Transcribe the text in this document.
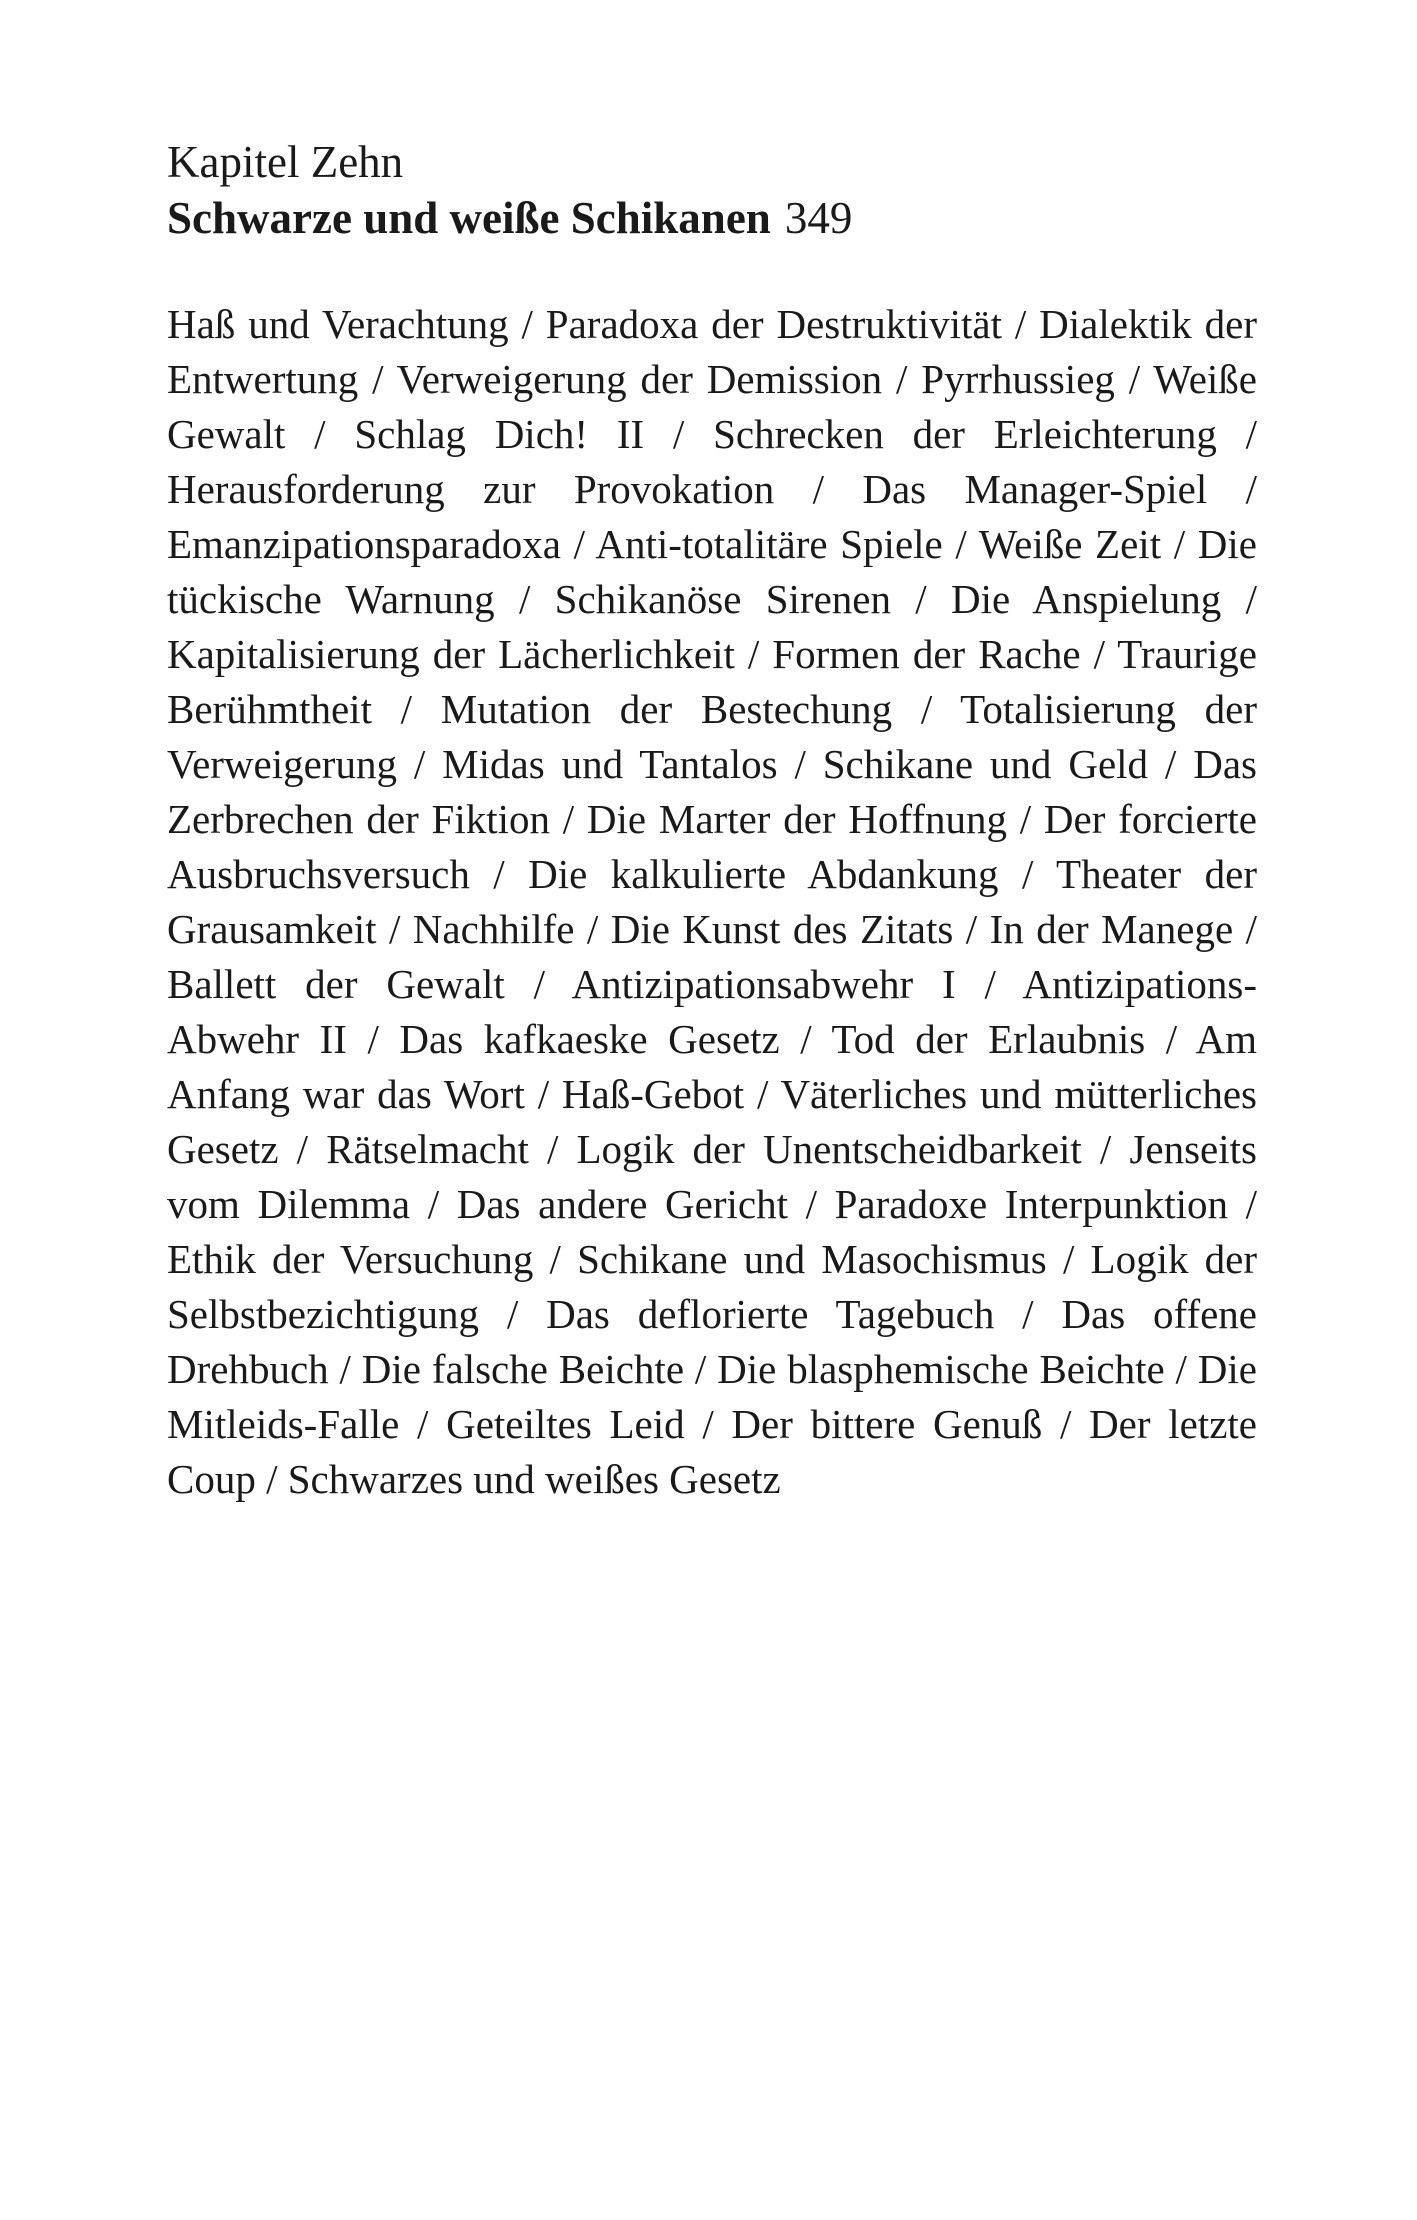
Kapitel Zehn

Schwarze und weiße Schikanen 349

Haß und Verachtung / Paradoxa der Destruktivität / Dialektik der Entwertung / Verweigerung der Demission / Pyrrhussieg / Weiße Gewalt / Schlag Dich! II / Schrecken der Erleichterung / Herausforderung zur Provokation / Das Manager-Spiel / Emanzipationsparadoxa / Anti-totalitäre Spiele / Weiße Zeit / Die tückische Warnung / Schikanöse Sirenen / Die Anspielung / Kapitalisierung der Lächerlichkeit / Formen der Rache / Traurige Berühmtheit / Mutation der Bestechung / Totalisierung der Verweigerung / Midas und Tantalos / Schikane und Geld / Das Zerbrechen der Fiktion / Die Marter der Hoffnung / Der forcierte Ausbruchsversuch / Die kalkulierte Abdankung / Theater der Grausamkeit / Nachhilfe / Die Kunst des Zitats / In der Manege / Ballett der Gewalt / Antizipationsabwehr I / Antizipations-Abwehr II / Das kafkaeske Gesetz / Tod der Erlaubnis / Am Anfang war das Wort / Haß-Gebot / Väterliches und mütterliches Gesetz / Rätselmacht / Logik der Unentscheidbarkeit / Jenseits vom Dilemma / Das andere Gericht / Paradoxe Interpunktion / Ethik der Versuchung / Schikane und Masochismus / Logik der Selbstbezichtigung / Das deflorierte Tagebuch / Das offene Drehbuch / Die falsche Beichte / Die blasphemische Beichte / Die Mitleids-Falle / Geteiltes Leid / Der bittere Genuß / Der letzte Coup / Schwarzes und weißes Gesetz
